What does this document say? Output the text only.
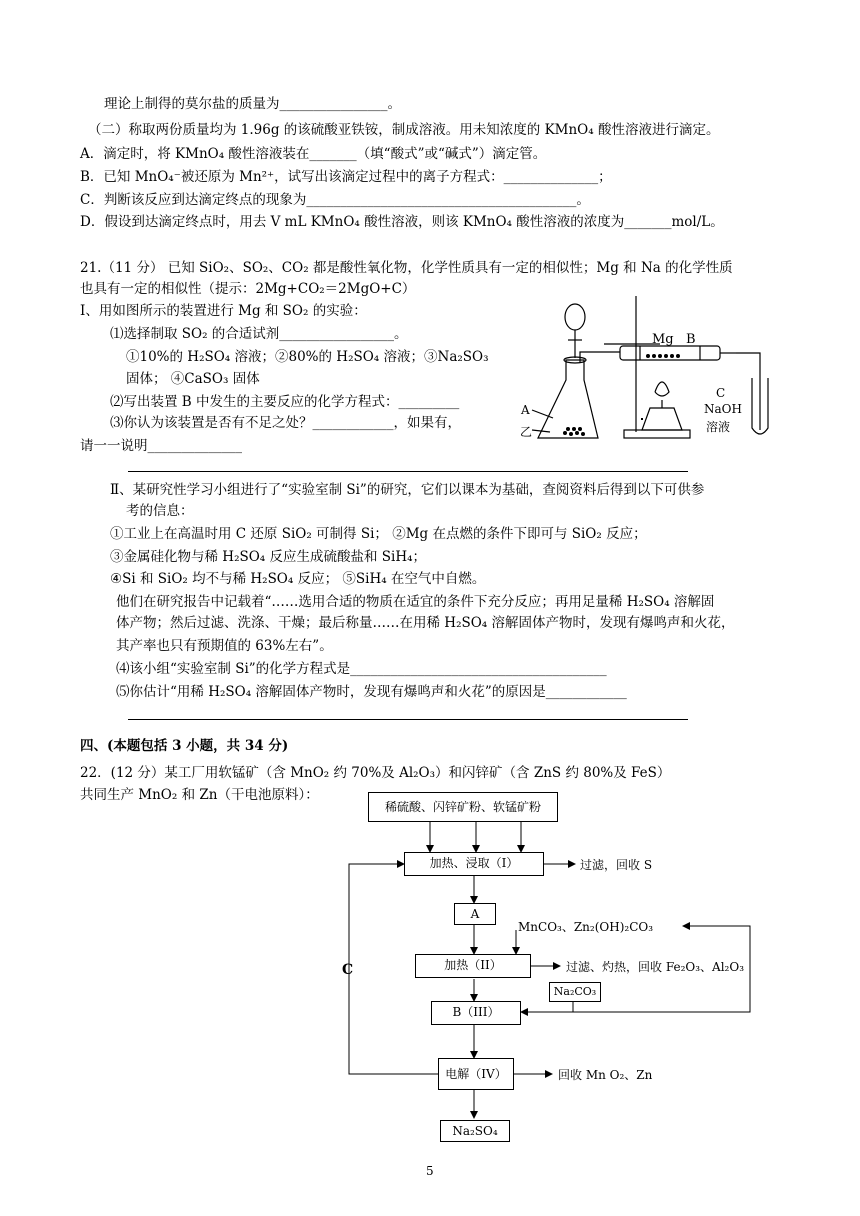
理论上制得的莫尔盐的质量为________________。
（二）称取两份质量均为 1.96g 的该硫酸亚铁铵，制成溶液。用未知浓度的 KMnO₄ 酸性溶液进行滴定。
A．滴定时，将 KMnO₄ 酸性溶液装在_______（填“酸式”或“碱式”）滴定管。
B．已知 MnO₄⁻被还原为 Mn²⁺，试写出该滴定过程中的离子方程式：______________；
C．判断该反应到达滴定终点的现象为________________________________________。
D．假设到达滴定终点时，用去 V mL KMnO₄ 酸性溶液，则该 KMnO₄ 酸性溶液的浓度为_______mol/L。
21.（11 分） 已知 SiO₂、SO₂、CO₂ 都是酸性氧化物，化学性质具有一定的相似性；Mg 和 Na 的化学性质
也具有一定的相似性（提示：2Mg+CO₂＝2MgO+C）
Ⅰ、用如图所示的装置进行 Mg 和 SO₂ 的实验：
⑴选择制取 SO₂ 的合适试剂_________________。
①10%的 H₂SO₄ 溶液；②80%的 H₂SO₄ 溶液；③Na₂SO₃
固体； ④CaSO₃ 固体
⑵写出装置 B 中发生的主要反应的化学方程式：_________
⑶你认为该装置是否有不足之处？____________，如果有，
请一一说明______________
Ⅱ、某研究性学习小组进行了“实验室制 Si”的研究，它们以课本为基础，查阅资料后得到以下可供参
考的信息：
①工业上在高温时用 C 还原 SiO₂ 可制得 Si； ②Mg 在点燃的条件下即可与 SiO₂ 反应；
③金属硅化物与稀 H₂SO₄ 反应生成硫酸盐和 SiH₄；
④Si 和 SiO₂ 均不与稀 H₂SO₄ 反应； ⑤SiH₄ 在空气中自燃。
他们在研究报告中记载着“……选用合适的物质在适宜的条件下充分反应；再用足量稀 H₂SO₄ 溶解固
体产物；然后过滤、洗涤、干燥；最后称量……在用稀 H₂SO₄ 溶解固体产物时，发现有爆鸣声和火花，
其产率也只有预期值的 63%左右”。
⑷该小组“实验室制 Si”的化学方程式是______________________________________
⑸你估计“用稀 H₂SO₄ 溶解固体产物时，发现有爆鸣声和火花”的原因是____________
四、(本题包括 3 小题，共 34 分)
22．(12 分）某工厂用软锰矿（含 MnO₂ 约 70%及 Al₂O₃）和闪锌矿（含 ZnS 约 80%及 FeS）
共同生产 MnO₂ 和 Zn（干电池原料）：
Mg B
C
NaOH
溶液
A
乙
稀硫酸、闪锌矿粉、软锰矿粉
加热、浸取（I）	过滤，回收 S
A
MnCO₃、Zn₂(OH)₂CO₃
加热（II）	过滤、灼热，回收 Fe₂O₃、Al₂O₃
Na₂CO₃
B（III）
C
电解（IV）	回收 Mn O₂、Zn
Na₂SO₄
5
